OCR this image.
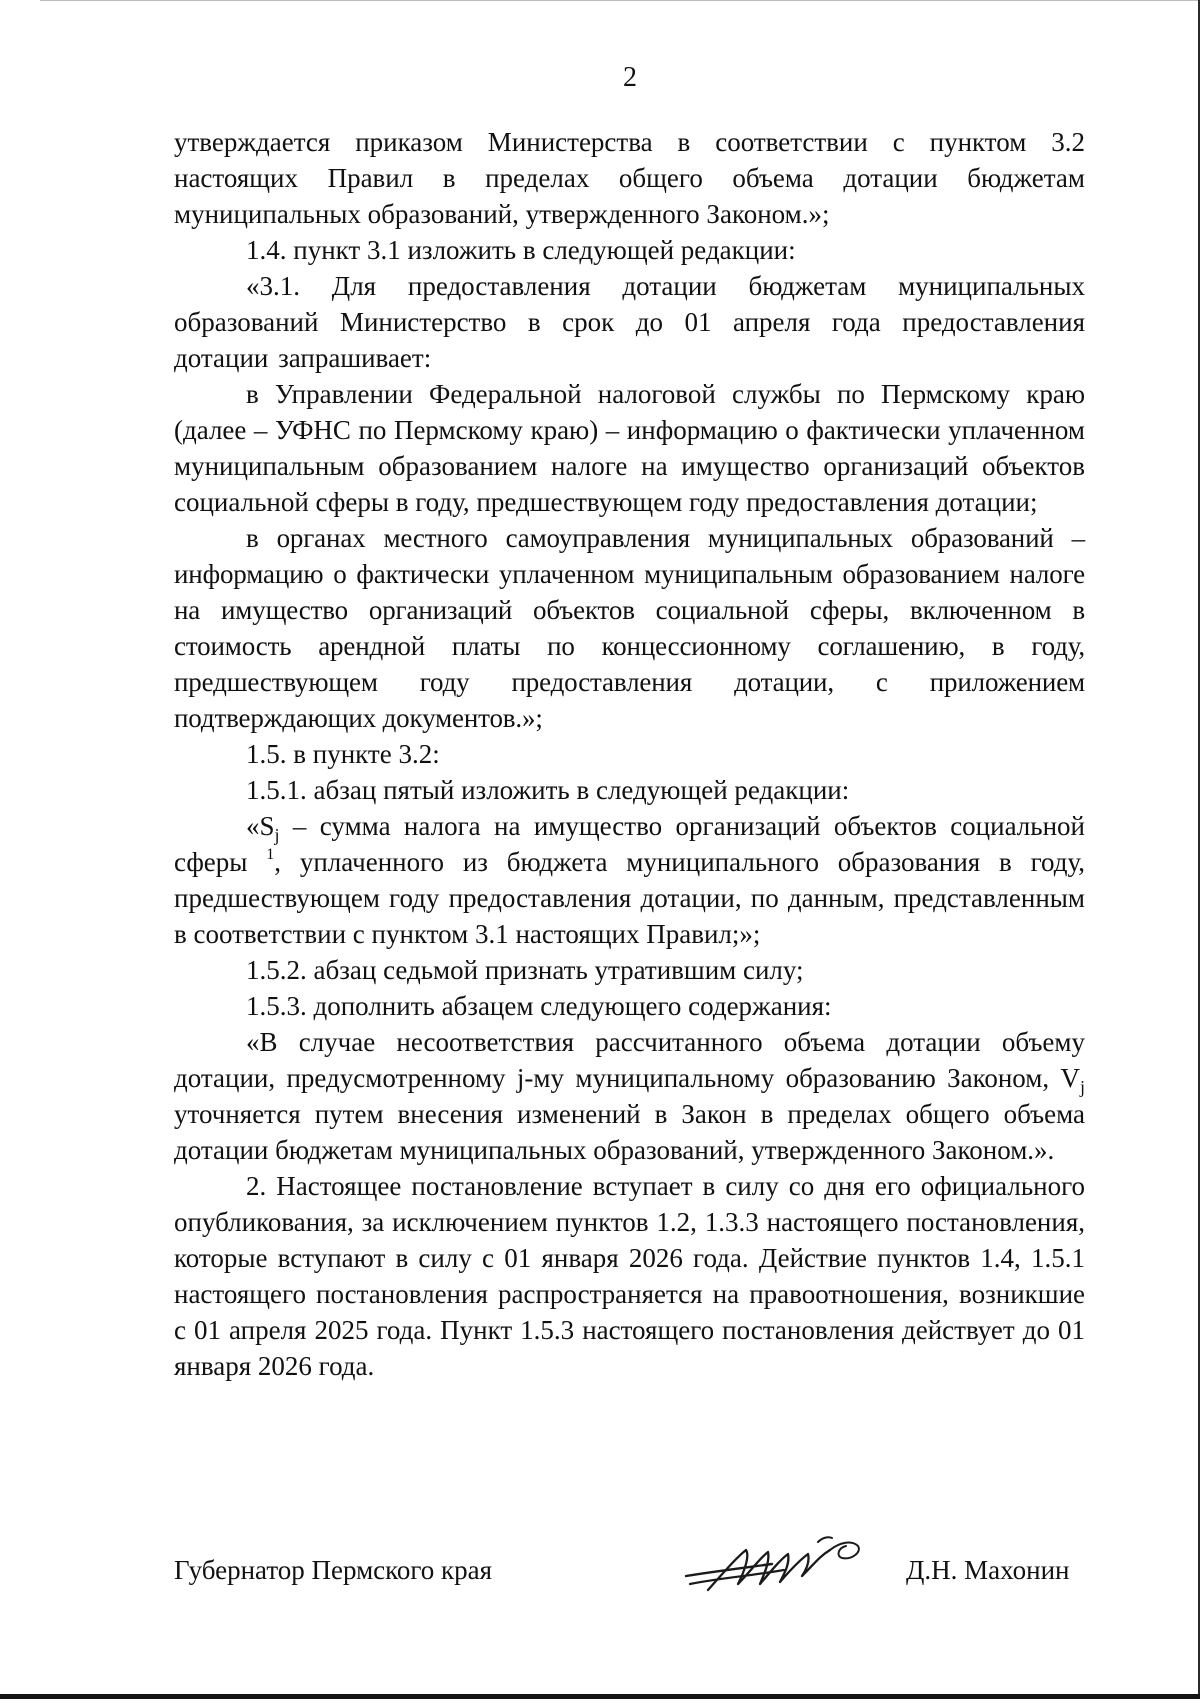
2

утверждается приказом Министерства в соответствии с пунктом 3.2 настоящих Правил в пределах общего объема дотации бюджетам муниципальных образований, утвержденного Законом.»;

1.4. пункт 3.1 изложить в следующей редакции:

«3.1. Для предоставления дотации бюджетам муниципальных образований Министерство в срок до 01 апреля года предоставления дотации запрашивает:

в Управлении Федеральной налоговой службы по Пермскому краю (далее – УФНС по Пермскому краю) – информацию о фактически уплаченном муниципальным образованием налоге на имущество организаций объектов социальной сферы в году, предшествующем году предоставления дотации;

в органах местного самоуправления муниципальных образований – информацию о фактически уплаченном муниципальным образованием налоге на имущество организаций объектов социальной сферы, включенном в стоимость арендной платы по концессионному соглашению, в году, предшествующем году предоставления дотации, с приложением подтверждающих документов.»;

1.5. в пункте 3.2:

1.5.1. абзац пятый изложить в следующей редакции:

«$S_j$ – сумма налога на имущество организаций объектов социальной сферы $^1$, уплаченного из бюджета муниципального образования в году, предшествующем году предоставления дотации, по данным, представленным в соответствии с пунктом 3.1 настоящих Правил;»;

1.5.2. абзац седьмой признать утратившим силу;

1.5.3. дополнить абзацем следующего содержания:

«В случае несоответствия рассчитанного объема дотации объему дотации, предусмотренному j-му муниципальному образованию Законом, $V_j$ уточняется путем внесения изменений в Закон в пределах общего объема дотации бюджетам муниципальных образований, утвержденного Законом.».

2. Настоящее постановление вступает в силу со дня его официального опубликования, за исключением пунктов 1.2, 1.3.3 настоящего постановления, которые вступают в силу с 01 января 2026 года. Действие пунктов 1.4, 1.5.1 настоящего постановления распространяется на правоотношения, возникшие с 01 апреля 2025 года. Пункт 1.5.3 настоящего постановления действует до 01 января 2026 года.

Губернатор Пермского края	Д.Н. Махонин
